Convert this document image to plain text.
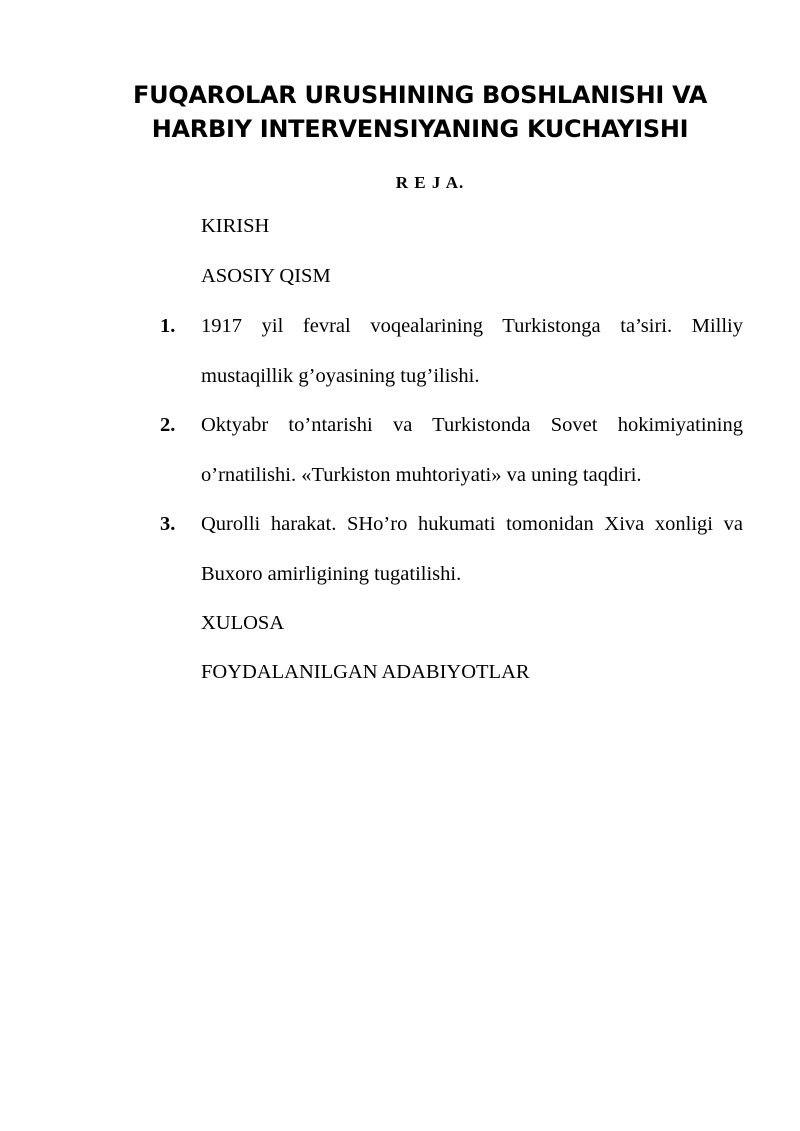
FUQAROLAR URUSHINING BOSHLANISHI VA
HARBIY INTERVENSIYANING KUCHAYISHI
R E J A.
KIRISH
ASOSIY QISM
1. 1917 yil fevral voqealarining Turkistonga ta’siri. Milliy
mustaqillik g’oyasining tug’ilishi.
2. Oktyabr to’ntarishi va Turkistonda Sovet hokimiyatining
o’rnatilishi. «Turkiston muhtoriyati» va uning taqdiri.
3. Qurolli harakat. SHo’ro hukumati tomonidan Xiva xonligi va
Buxoro amirligining tugatilishi.
XULOSA
FOYDALANILGAN ADABIYOTLAR
